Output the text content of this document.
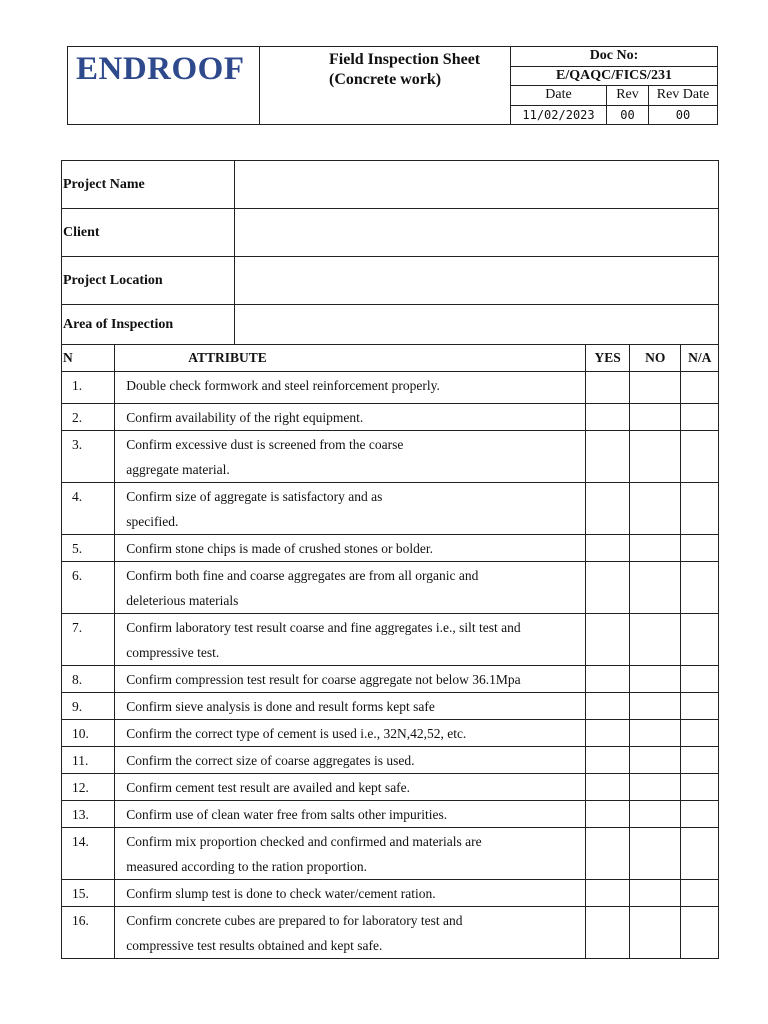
ENDROOF	Field Inspection Sheet
(Concrete work)
Doc No:		
E/QAQC/FICS/231		
Date	Rev	Rev Date
11/02/2023	00	00
Project Name	
Client	
Project Location	
Area of Inspection	
N	ATTRIBUTE	YES	NO	N/A
1.	Double check formwork and steel reinforcement properly.			
2.	Confirm availability of the right equipment.			
3.	Confirm excessive dust is screened from the coarse
aggregate material.			
4.	Confirm size of aggregate is satisfactory and as
specified.			
5.	Confirm stone chips is made of crushed stones or bolder.			
6.	Confirm both fine and coarse aggregates are from all organic and
deleterious materials			
7.	Confirm laboratory test result coarse and fine aggregates i.e., silt test and
compressive test.			
8.	Confirm compression test result for coarse aggregate not below 36.1Mpa			
9.	Confirm sieve analysis is done and result forms kept safe			
10.	Confirm the correct type of cement is used i.e., 32N,42,52, etc.			
11.	Confirm the correct size of coarse aggregates is used.			
12.	Confirm cement test result are availed and kept safe.			
13.	Confirm use of clean water free from salts other impurities.			
14.	Confirm mix proportion checked and confirmed and materials are
measured according to the ration proportion.			
15.	Confirm slump test is done to check water/cement ration.			
16.	Confirm concrete cubes are prepared to for laboratory test and
compressive test results obtained and kept safe.			
